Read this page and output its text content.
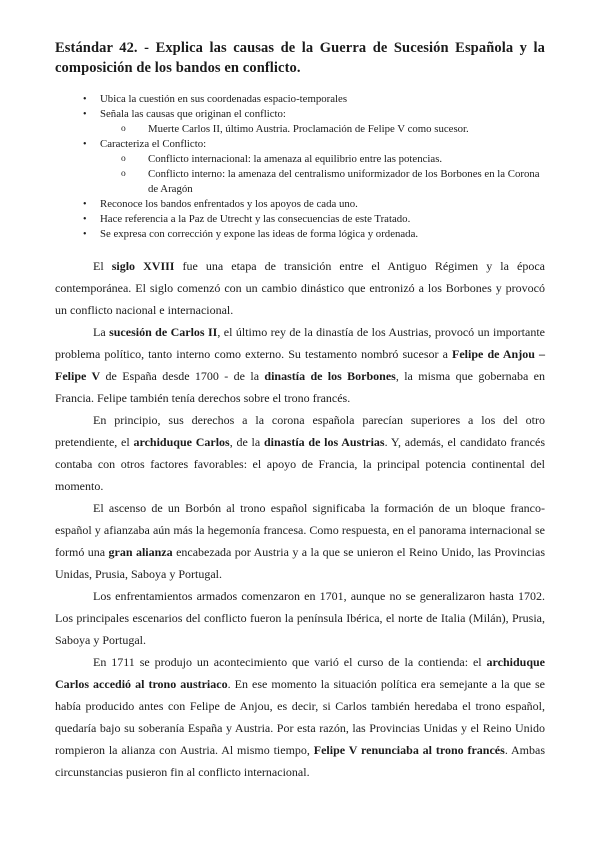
Estándar 42. - Explica las causas de la Guerra de Sucesión Española y la composición de los bandos en conflicto.
•	Ubica la cuestión en sus coordenadas espacio-temporales
•	Señala las causas que originan el conflicto:
o	Muerte Carlos II, último Austria. Proclamación de Felipe V como sucesor.
•	Caracteriza el Conflicto:
o	Conflicto internacional: la amenaza al equilibrio entre las potencias.
o	Conflicto interno: la amenaza del centralismo uniformizador de los Borbones en la Corona de Aragón
•	Reconoce los bandos enfrentados y los apoyos de cada uno.
•	Hace referencia a la Paz de Utrecht y las consecuencias de este Tratado.
•	Se expresa con corrección y expone las ideas de forma lógica y ordenada.

El siglo XVIII fue una etapa de transición entre el Antiguo Régimen y la época contemporánea. El siglo comenzó con un cambio dinástico que entronizó a los Borbones y provocó un conflicto nacional e internacional.

La sucesión de Carlos II, el último rey de la dinastía de los Austrias, provocó un importante problema político, tanto interno como externo. Su testamento nombró sucesor a Felipe de Anjou – Felipe V de España desde 1700 - de la dinastía de los Borbones, la misma que gobernaba en Francia. Felipe también tenía derechos sobre el trono francés.

En principio, sus derechos a la corona española parecían superiores a los del otro pretendiente, el archiduque Carlos, de la dinastía de los Austrias. Y, además, el candidato francés contaba con otros factores favorables: el apoyo de Francia, la principal potencia continental del momento.

El ascenso de un Borbón al trono español significaba la formación de un bloque franco-español y afianzaba aún más la hegemonía francesa. Como respuesta, en el panorama internacional se formó una gran alianza encabezada por Austria y a la que se unieron el Reino Unido, las Provincias Unidas, Prusia, Saboya y Portugal.

Los enfrentamientos armados comenzaron en 1701, aunque no se generalizaron hasta 1702. Los principales escenarios del conflicto fueron la península Ibérica, el norte de Italia (Milán), Prusia, Saboya y Portugal.

En 1711 se produjo un acontecimiento que varió el curso de la contienda: el archiduque Carlos accedió al trono austriaco. En ese momento la situación política era semejante a la que se había producido antes con Felipe de Anjou, es decir, si Carlos también heredaba el trono español, quedaría bajo su soberanía España y Austria. Por esta razón, las Provincias Unidas y el Reino Unido rompieron la alianza con Austria. Al mismo tiempo, Felipe V renunciaba al trono francés. Ambas circunstancias pusieron fin al conflicto internacional.
